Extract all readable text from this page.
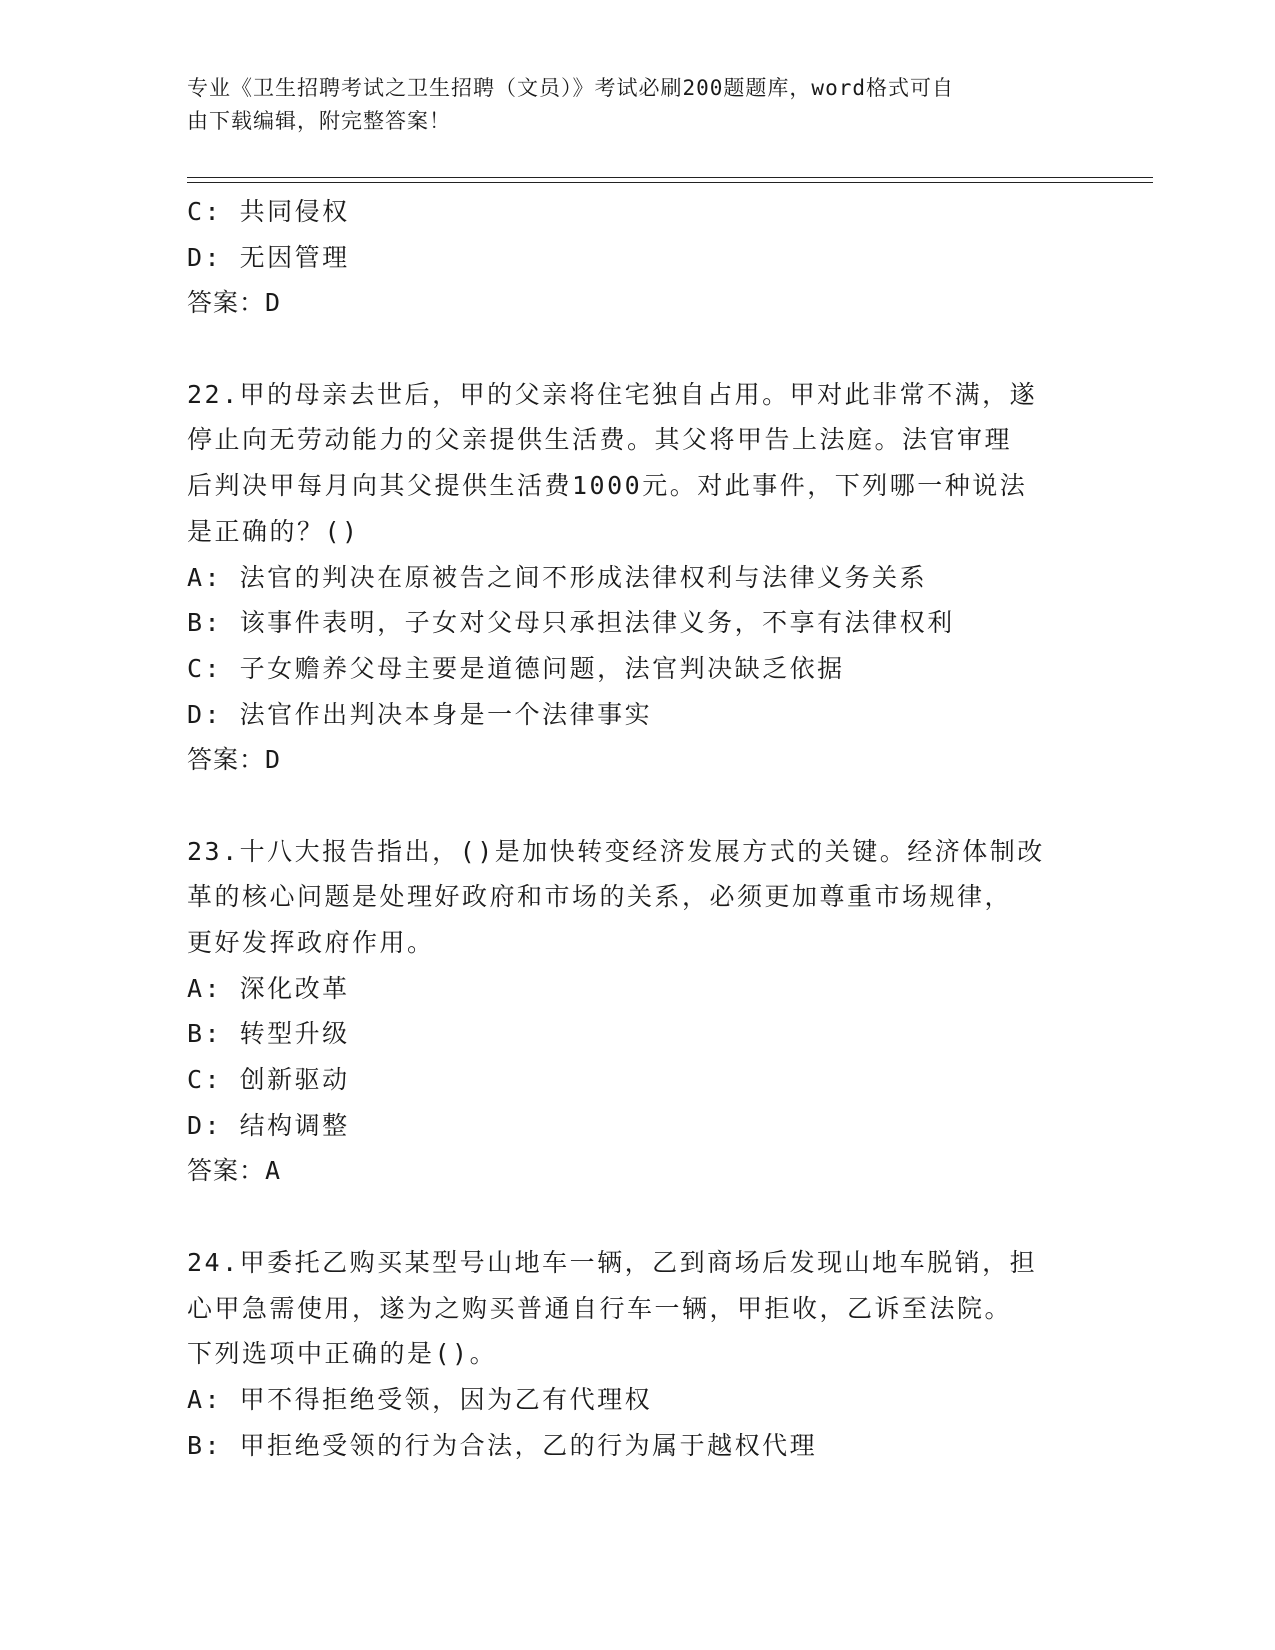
专业《卫生招聘考试之卫生招聘（文员）》考试必刷200题题库，word格式可自
由下载编辑，附完整答案！
C: 共同侵权
D: 无因管理
答案：D
22.甲的母亲去世后，甲的父亲将住宅独自占用。甲对此非常不满，遂
停止向无劳动能力的父亲提供生活费。其父将甲告上法庭。法官审理
后判决甲每月向其父提供生活费1000元。对此事件，下列哪一种说法
是正确的？()
A: 法官的判决在原被告之间不形成法律权利与法律义务关系
B: 该事件表明，子女对父母只承担法律义务，不享有法律权利
C: 子女赡养父母主要是道德问题，法官判决缺乏依据
D: 法官作出判决本身是一个法律事实
答案：D
23.十八大报告指出，()是加快转变经济发展方式的关键。经济体制改
革的核心问题是处理好政府和市场的关系，必须更加尊重市场规律，
更好发挥政府作用。
A: 深化改革
B: 转型升级
C: 创新驱动
D: 结构调整
答案：A
24.甲委托乙购买某型号山地车一辆，乙到商场后发现山地车脱销，担
心甲急需使用，遂为之购买普通自行车一辆，甲拒收，乙诉至法院。
下列选项中正确的是()。
A: 甲不得拒绝受领，因为乙有代理权
B: 甲拒绝受领的行为合法，乙的行为属于越权代理
